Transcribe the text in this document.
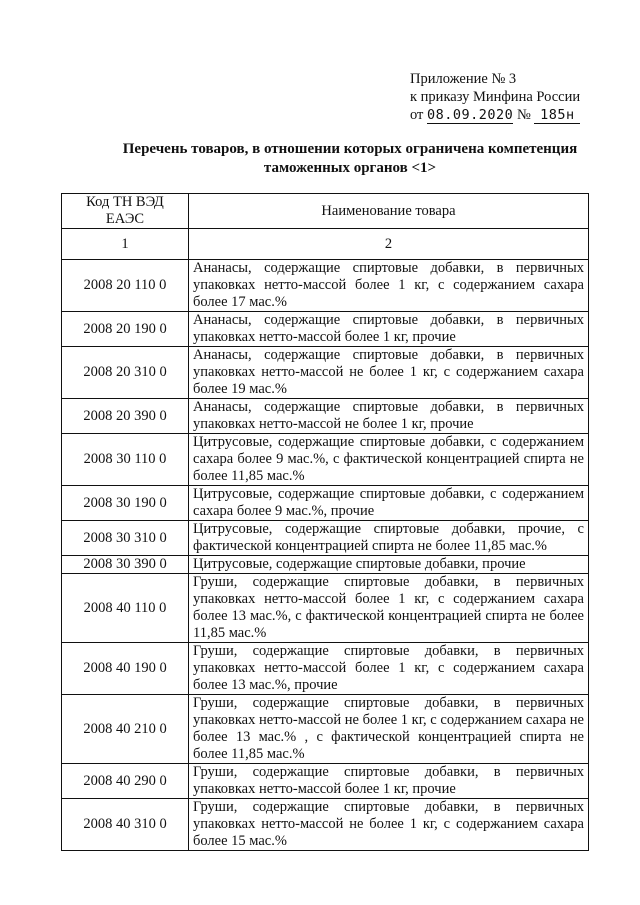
Приложение № 3
к приказу Минфина России
от 08.09.2020 № 185н
Перечень товаров, в отношении которых ограничена компетенция
таможенных органов <1>
Код ТН ВЭД ЕАЭС	Наименование товара
1	2
2008 20 110 0	Ананасы, содержащие спиртовые добавки, в первичных упаковках нетто-массой более 1 кг, с содержанием сахара более 17 мас.%
2008 20 190 0	Ананасы, содержащие спиртовые добавки, в первичных упаковках нетто-массой более 1 кг, прочие
2008 20 310 0	Ананасы, содержащие спиртовые добавки, в первичных упаковках нетто-массой не более 1 кг, с содержанием сахара более 19 мас.%
2008 20 390 0	Ананасы, содержащие спиртовые добавки, в первичных упаковках нетто-массой не более 1 кг, прочие
2008 30 110 0	Цитрусовые, содержащие спиртовые добавки, с содержанием сахара более 9 мас.%, с фактической концентрацией спирта не более 11,85 мас.%
2008 30 190 0	Цитрусовые, содержащие спиртовые добавки, с содержанием сахара более 9 мас.%, прочие
2008 30 310 0	Цитрусовые, содержащие спиртовые добавки, прочие, с фактической концентрацией спирта не более 11,85 мас.%
2008 30 390 0	Цитрусовые, содержащие спиртовые добавки, прочие
2008 40 110 0	Груши, содержащие спиртовые добавки, в первичных упаковках нетто-массой более 1 кг, с содержанием сахара более 13 мас.%, с фактической концентрацией спирта не более 11,85 мас.%
2008 40 190 0	Груши, содержащие спиртовые добавки, в первичных упаковках нетто-массой более 1 кг, с содержанием сахара более 13 мас.%, прочие
2008 40 210 0	Груши, содержащие спиртовые добавки, в первичных упаковках нетто-массой не более 1 кг, с содержанием сахара не более 13 мас.% , с фактической концентрацией спирта не более 11,85 мас.%
2008 40 290 0	Груши, содержащие спиртовые добавки, в первичных упаковках нетто-массой более 1 кг, прочие
2008 40 310 0	Груши, содержащие спиртовые добавки, в первичных упаковках нетто-массой не более 1 кг, с содержанием сахара более 15 мас.%
